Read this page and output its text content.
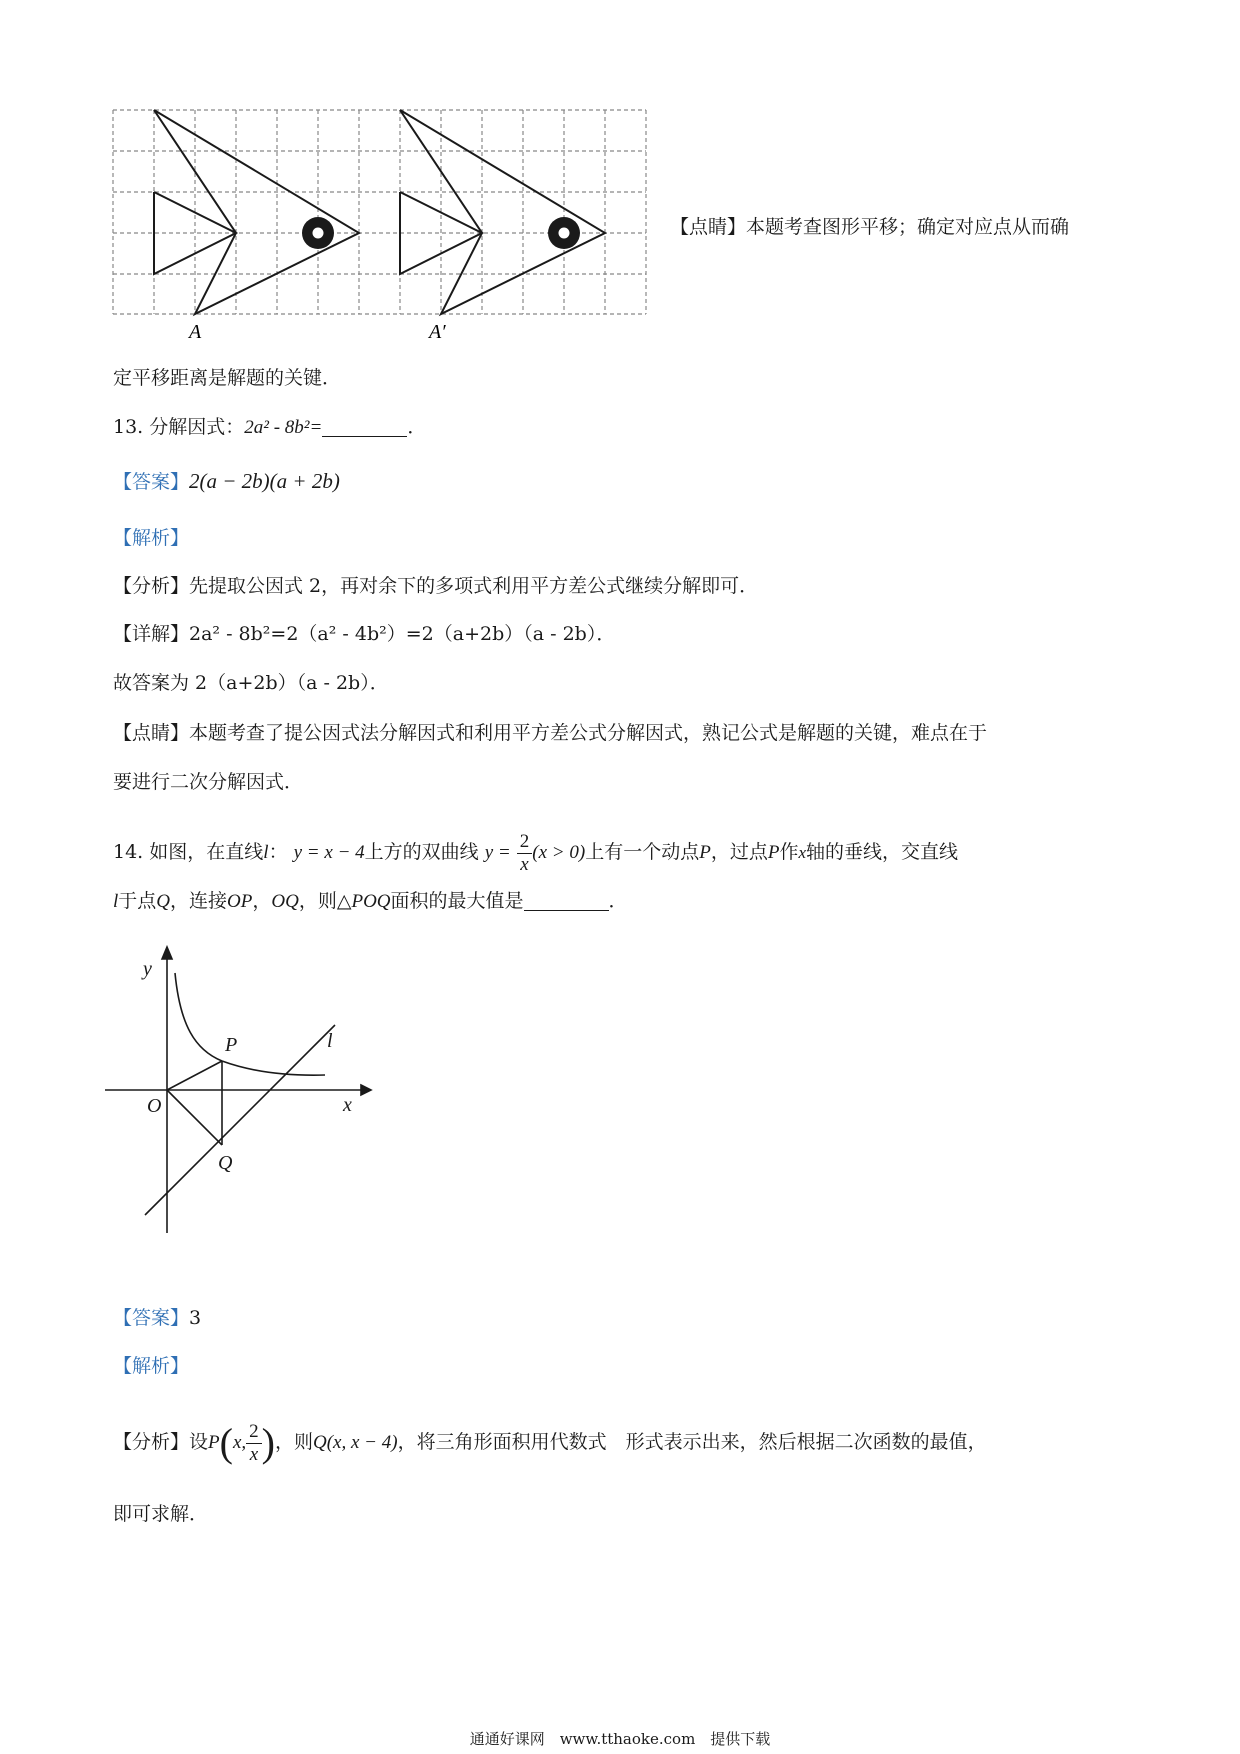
A	A′
【点睛】本题考查图形平移；确定对应点从而确
定平移距离是解题的关键．
13. 分解因式：2a² - 8b²=	．
【答案】2(a − 2b)(a + 2b)
【解析】
【分析】先提取公因式 2，再对余下的多项式利用平方差公式继续分解即可．
【详解】2a² - 8b²=2（a² - 4b²）=2（a+2b）（a - 2b）．
故答案为 2（a+2b）（a - 2b）．
【点睛】本题考查了提公因式法分解因式和利用平方差公式分解因式，熟记公式是解题的关键，难点在于
要进行二次分解因式．
14. 如图，在直线l： y = x − 4上方的双曲线 $y = \frac{2}{x} (x > 0)$上有一个动点P，过点P作x轴的垂线，交直线
l于点Q，连接OP，OQ，则△POQ面积的最大值是	．
y
x
O
P
Q
l
【答案】3
【解析】
【分析】设P(x, $\frac{2}{x}$ )，则Q(x, x − 4)，将三角形面积用代数式　形式表示出来，然后根据二次函数的最值，
即可求解．
通通好课网　www.tthaoke.com　提供下载
